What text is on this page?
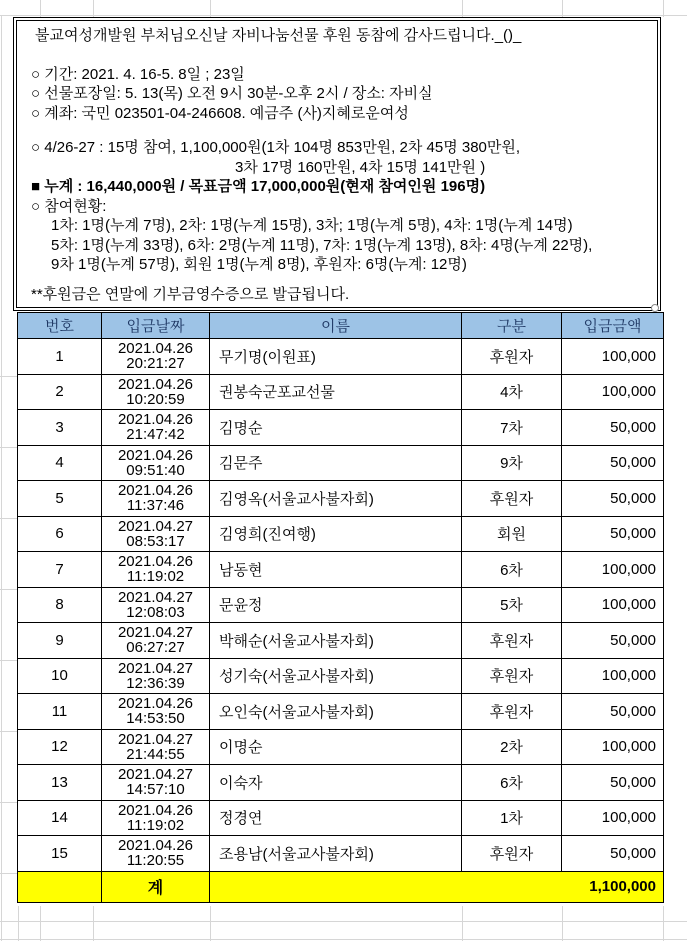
불교여성개발원 부처님오신날 자비나눔선물 후원 동참에 감사드립니다._()_
○ 기간: 2021. 4. 16-5. 8일 ; 23일
○ 선물포장일: 5. 13(목) 오전 9시 30분-오후 2시 / 장소: 자비실
○ 계좌: 국민 023501-04-246608. 예금주 (사)지혜로운여성
○ 4/26-27 : 15명 참여, 1,100,000원(1차 104명 853만원, 2차 45명 380만원,
3차 17명 160만원, 4차 15명 141만원 )
■ 누계 : 16,440,000원 / 목표금액 17,000,000원(현재 참여인원 196명)
○ 참여현황:
1차: 1명(누계 7명), 2차: 1명(누계 15명), 3차; 1명(누계 5명), 4차: 1명(누계 14명)
5차: 1명(누계 33명), 6차: 2명(누계 11명), 7차: 1명(누계 13명), 8차: 4명(누계 22명),
9차 1명(누계 57명), 회원 1명(누계 8명), 후원자: 6명(누계: 12명)
**후원금은 연말에 기부금영수증으로 발급됩니다.
번호	입금날짜	이름	구분	입금금액
1	2021.04.26
20:21:27	무기명(이원표)	후원자	100,000
2	2021.04.26
10:20:59	권봉숙군포교선물	4차	100,000
3	2021.04.26
21:47:42	김명순	7차	50,000
4	2021.04.26
09:51:40	김문주	9차	50,000
5	2021.04.26
11:37:46	김영옥(서울교사불자회)	후원자	50,000
6	2021.04.27
08:53:17	김영희(진여행)	회원	50,000
7	2021.04.26
11:19:02	남동현	6차	100,000
8	2021.04.27
12:08:03	문윤정	5차	100,000
9	2021.04.27
06:27:27	박해순(서울교사불자회)	후원자	50,000
10	2021.04.27
12:36:39	성기숙(서울교사불자회)	후원자	100,000
11	2021.04.26
14:53:50	오인숙(서울교사불자회)	후원자	50,000
12	2021.04.27
21:44:55	이명순	2차	100,000
13	2021.04.27
14:57:10	이숙자	6차	50,000
14	2021.04.26
11:19:02	정경연	1차	100,000
15	2021.04.26
11:20:55	조용남(서울교사불자회)	후원자	50,000
	계	1,100,000		
